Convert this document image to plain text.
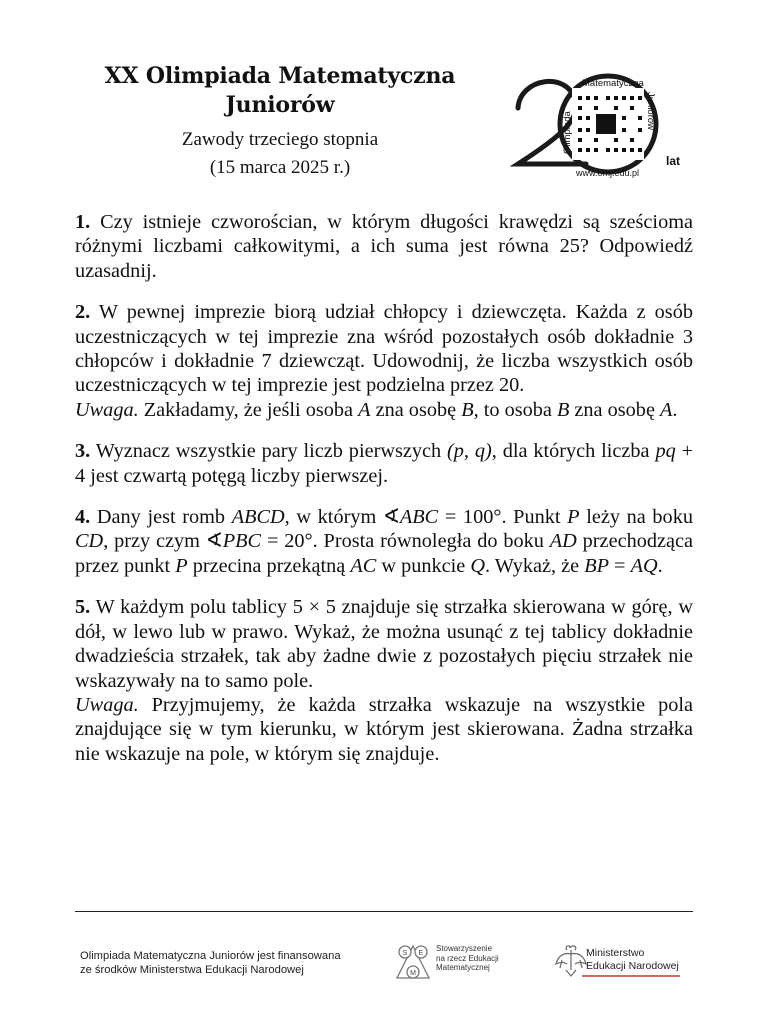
XX Olimpiada Matematyczna
Juniorów
Zawody trzeciego stopnia
(15 marca 2025 r.)
Matematyczna
Olimpiada
Juniorów
www.omj.edu.pl
lat

1. Czy istnieje czworościan, w którym długości krawędzi są sześcioma różnymi liczbami całkowitymi, a ich suma jest równa 25? Odpowiedź uzasadnij.

2. W pewnej imprezie biorą udział chłopcy i dziewczęta. Każda z osób uczestniczących w tej imprezie zna wśród pozostałych osób dokładnie 3 chłopców i dokładnie 7 dziewcząt. Udowodnij, że liczba wszystkich osób uczestniczących w tej imprezie jest podzielna przez 20.

Uwaga. Zakładamy, że jeśli osoba A zna osobę B, to osoba B zna osobę A.

3. Wyznacz wszystkie pary liczb pierwszych (p, q), dla których liczba pq + 4 jest czwartą potęgą liczby pierwszej.

4. Dany jest romb ABCD, w którym ∢ABC = 100°. Punkt P leży na boku CD, przy czym ∢PBC = 20°. Prosta równoległa do boku AD przechodząca przez punkt P przecina przekątną AC w punkcie Q. Wykaż, że BP = AQ.

5. W każdym polu tablicy 5 × 5 znajduje się strzałka skierowana w górę, w dół, w lewo lub w prawo. Wykaż, że można usunąć z tej tablicy dokładnie dwadzieścia strzałek, tak aby żadne dwie z pozostałych pięciu strzałek nie wskazywały na to samo pole.

Uwaga. Przyjmujemy, że każda strzałka wskazuje na wszystkie pola znajdujące się w tym kierunku, w którym jest skierowana. Żadna strzałka nie wskazuje na pole, w którym się znajduje.

Olimpiada Matematyczna Juniorów jest finansowana
ze środków Ministerstwa Edukacji Narodowej
S E
M
Stowarzyszenie
na rzecz Edukacji
Matematycznej
Ministerstwo
Edukacji Narodowej
